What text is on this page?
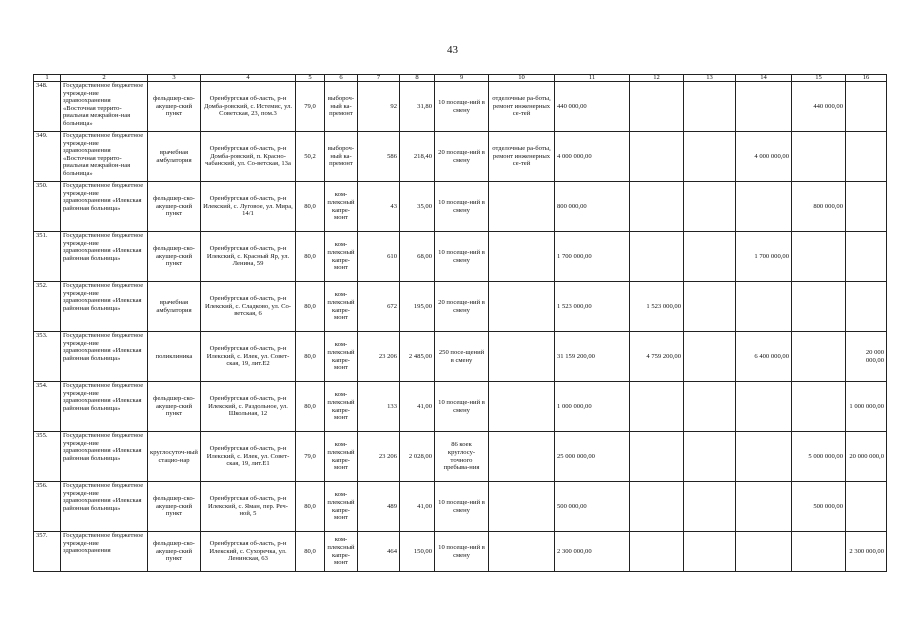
43
1	2	3	4	5	6	7	8	9	10	11	12	13	14	15	16
348.	Государственное бюджетное учрежде-ние здравоохранения «Восточная террито-риальная межрайон-ная больница»	фельдшер-ско-акушер-ский пункт	Оренбургская об-ласть, р-н Домба-ровский, с. Истемис, ул. Советская, 23, пом.3	79,0	выбороч-ный ка-премонт	92	31,80	10 посеще-ний в смену	отделочные ра-боты, ремонт инженерных се-тей	440 000,00				440 000,00	
349.	Государственное бюджетное учрежде-ние здравоохранения «Восточная террито-риальная межрайон-ная больница»	врачебная амбулатория	Оренбургская об-ласть, р-н Домба-ровский, п. Красно-чабанский, ул. Со-ветская, 13а	50,2	выбороч-ный ка-премонт	586	218,40	20 посеще-ний в смену	отделочные ра-боты, ремонт инженерных се-тей	4 000 000,00			4 000 000,00		
350.	Государственное бюджетное учрежде-ние здравоохранения «Илекская районная больница»	фельдшер-ско-акушер-ский пункт	Оренбургская об-ласть, р-н Илекский, с. Луговое, ул. Мира, 14/1	80,0	ком-плексный капре-монт	43	35,00	10 посеще-ний в смену		800 000,00				800 000,00	
351.	Государственное бюджетное учрежде-ние здравоохранения «Илекская районная больница»	фельдшер-ско-акушер-ский пункт	Оренбургская об-ласть, р-н Илекский, с. Красный Яр, ул. Ленина, 59	80,0	ком-плексный капре-монт	610	68,00	10 посеще-ний в смену		1 700 000,00			1 700 000,00		
352.	Государственное бюджетное учрежде-ние здравоохранения «Илекская районная больница»	врачебная амбулатория	Оренбургская об-ласть, р-н Илекский, с. Сладково, ул. Со-ветская, 6	80,0	ком-плексный капре-монт	672	195,00	20 посеще-ний в смену		1 523 000,00	1 523 000,00				
353.	Государственное бюджетное учрежде-ние здравоохранения «Илекская районная больница»	поликлиника	Оренбургская об-ласть, р-н Илекский, с. Илек, ул. Совет-ская, 19, лит.Е2	80,0	ком-плексный капре-монт	23 206	2 485,00	250 посе-щений в смену		31 159 200,00	4 759 200,00		6 400 000,00		20 000 000,00
354.	Государственное бюджетное учрежде-ние здравоохранения «Илекская районная больница»	фельдшер-ско-акушер-ский пункт	Оренбургская об-ласть, р-н Илекский, с. Раздольное, ул. Школьная, 12	80,0	ком-плексный капре-монт	133	41,00	10 посеще-ний в смену		1 000 000,00					1 000 000,00
355.	Государственное бюджетное учрежде-ние здравоохранения «Илекская районная больница»	круглосуточ-ный стацио-нар	Оренбургская об-ласть, р-н Илекский, с. Илек, ул. Совет-ская, 19, лит.Е1	79,0	ком-плексный капре-монт	23 206	2 028,00	86 коек круглосу-точного пребыва-ния		25 000 000,00				5 000 000,00	20 000 000,0
356.	Государственное бюджетное учрежде-ние здравоохранения «Илекская районная больница»	фельдшер-ско-акушер-ский пункт	Оренбургская об-ласть, р-н Илекский, с. Яман, пер. Реч-ной, 5	80,0	ком-плексный капре-монт	489	41,00	10 посеще-ний в смену		500 000,00				500 000,00	
357.	Государственное бюджетное учрежде-ние здравоохранения	фельдшер-ско-акушер-ский пункт	Оренбургская об-ласть, р-н Илекский, с. Сухоречка, ул. Ленинская, 63	80,0	ком-плексный капре-монт	464	150,00	10 посеще-ний в смену		2 300 000,00					2 300 000,00
